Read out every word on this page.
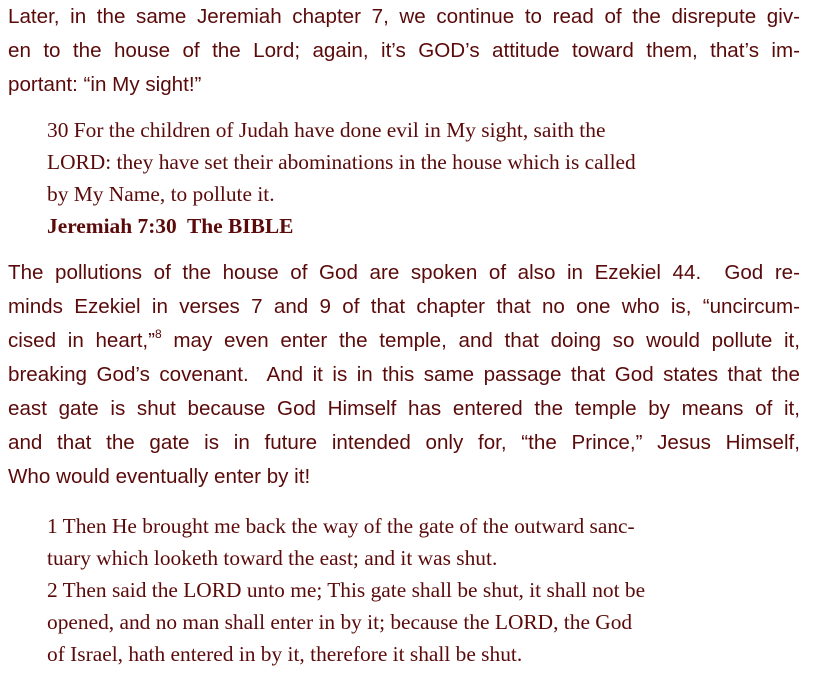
Later, in the same Jeremiah chapter 7, we continue to read of the disrepute giv-
en to the house of the Lord; again, it’s GOD’s attitude toward them, that’s im-
portant: “in My sight!”
30 For the children of Judah have done evil in My sight, saith the
LORD: they have set their abominations in the house which is called
by My Name, to pollute it.
Jeremiah 7:30  The BIBLE
The pollutions of the house of God are spoken of also in Ezekiel 44.  God re-
minds Ezekiel in verses 7 and 9 of that chapter that no one who is, “uncircum-
cised in heart,”$^8$ may even enter the temple, and that doing so would pollute it,
breaking God’s covenant.  And it is in this same passage that God states that the
east gate is shut because God Himself has entered the temple by means of it,
and that the gate is in future intended only for, “the Prince,” Jesus Himself,
Who would eventually enter by it!
1 Then He brought me back the way of the gate of the outward sanc-
tuary which looketh toward the east; and it was shut.
2 Then said the LORD unto me; This gate shall be shut, it shall not be
opened, and no man shall enter in by it; because the LORD, the God
of Israel, hath entered in by it, therefore it shall be shut.
